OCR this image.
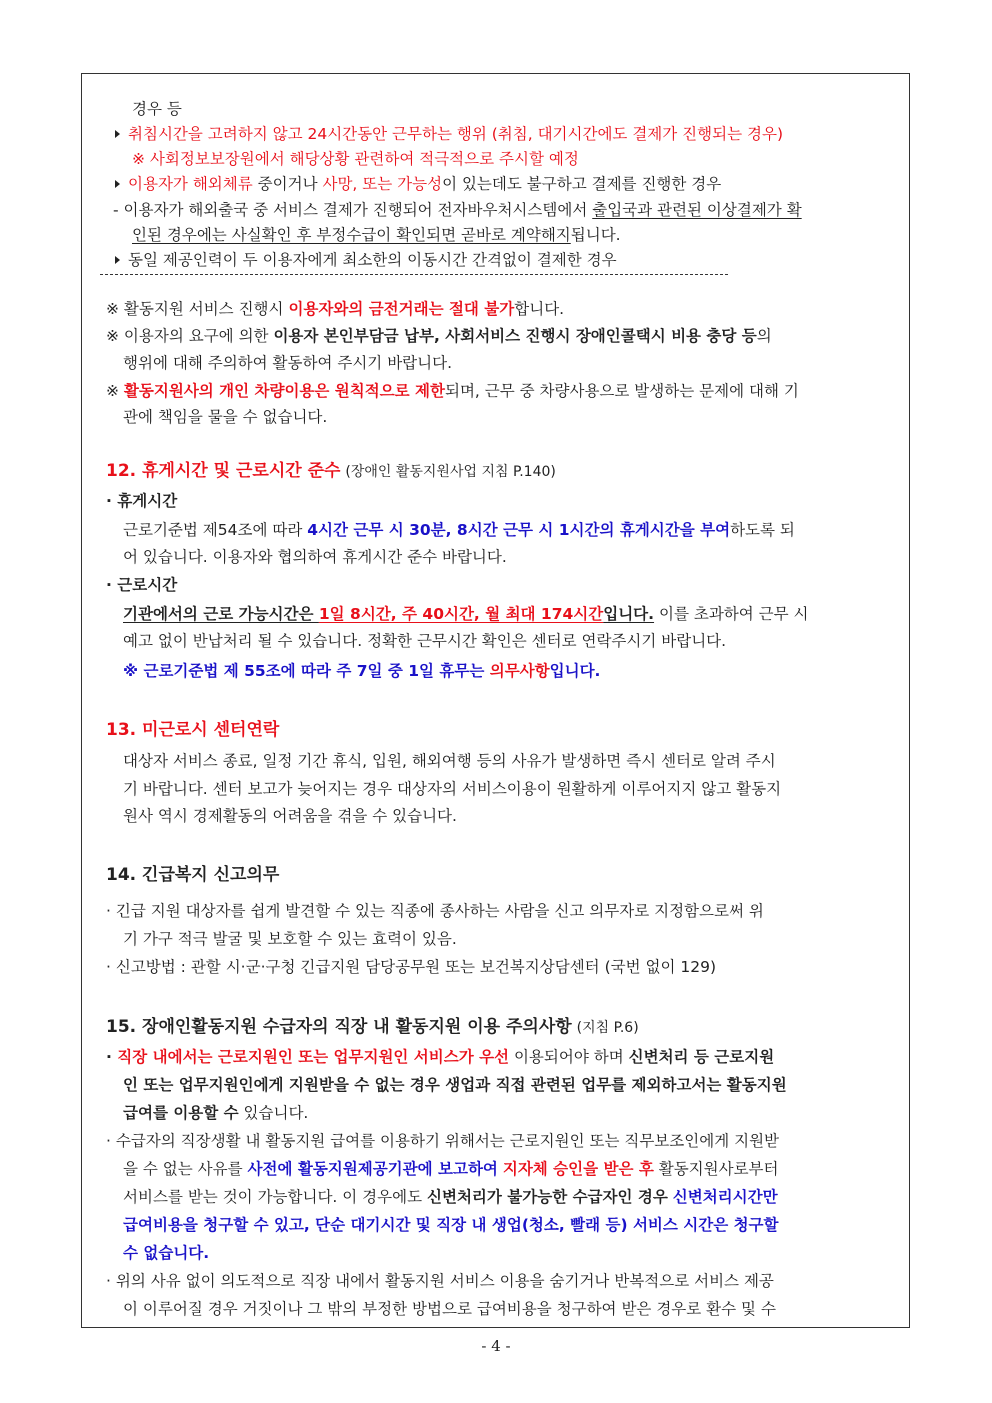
경우 등
취침시간을 고려하지 않고 24시간동안 근무하는 행위 (취침, 대기시간에도 결제가 진행되는 경우)
※ 사회정보보장원에서 해당상황 관련하여 적극적으로 주시할 예정
이용자가 해외체류 중이거나 사망, 또는 가능성이 있는데도 불구하고 결제를 진행한 경우
- 이용자가 해외출국 중 서비스 결제가 진행되어 전자바우처시스템에서 출입국과 관련된 이상결제가 확
인된 경우에는 사실확인 후 부정수급이 확인되면 곧바로 계약해지됩니다.
동일 제공인력이 두 이용자에게 최소한의 이동시간 간격없이 결제한 경우
※ 활동지원 서비스 진행시 이용자와의 금전거래는 절대 불가합니다.
※ 이용자의 요구에 의한 이용자 본인부담금 납부, 사회서비스 진행시 장애인콜택시 비용 충당 등의
행위에 대해 주의하여 활동하여 주시기 바랍니다.
※ 활동지원사의 개인 차량이용은 원칙적으로 제한되며, 근무 중 차량사용으로 발생하는 문제에 대해 기
관에 책임을 물을 수 없습니다.
12. 휴게시간 및 근로시간 준수 (장애인 활동지원사업 지침 P.140)
· 휴게시간
근로기준법 제54조에 따라 4시간 근무 시 30분, 8시간 근무 시 1시간의 휴게시간을 부여하도록 되
어 있습니다. 이용자와 협의하여 휴게시간 준수 바랍니다.
· 근로시간
기관에서의 근로 가능시간은 1일 8시간, 주 40시간, 월 최대 174시간입니다. 이를 초과하여 근무 시
예고 없이 반납처리 될 수 있습니다. 정확한 근무시간 확인은 센터로 연락주시기 바랍니다.
※ 근로기준법 제 55조에 따라 주 7일 중 1일 휴무는 의무사항입니다.
13. 미근로시 센터연락
대상자 서비스 종료, 일정 기간 휴식, 입원, 해외여행 등의 사유가 발생하면 즉시 센터로 알려 주시
기 바랍니다. 센터 보고가 늦어지는 경우 대상자의 서비스이용이 원활하게 이루어지지 않고 활동지
원사 역시 경제활동의 어려움을 겪을 수 있습니다.
14. 긴급복지 신고의무
· 긴급 지원 대상자를 쉽게 발견할 수 있는 직종에 종사하는 사람을 신고 의무자로 지정함으로써 위
기 가구 적극 발굴 및 보호할 수 있는 효력이 있음.
· 신고방법 : 관할 시·군·구청 긴급지원 담당공무원 또는 보건복지상담센터 (국번 없이 129)
15. 장애인활동지원 수급자의 직장 내 활동지원 이용 주의사항 (지침 P.6)
· 직장 내에서는 근로지원인 또는 업무지원인 서비스가 우선 이용되어야 하며 신변처리 등 근로지원
인 또는 업무지원인에게 지원받을 수 없는 경우 생업과 직접 관련된 업무를 제외하고서는 활동지원
급여를 이용할 수 있습니다.
· 수급자의 직장생활 내 활동지원 급여를 이용하기 위해서는 근로지원인 또는 직무보조인에게 지원받
을 수 없는 사유를 사전에 활동지원제공기관에 보고하여 지자체 승인을 받은 후 활동지원사로부터
서비스를 받는 것이 가능합니다. 이 경우에도 신변처리가 불가능한 수급자인 경우 신변처리시간만
급여비용을 청구할 수 있고, 단순 대기시간 및 직장 내 생업(청소, 빨래 등) 서비스 시간은 청구할
수 없습니다.
· 위의 사유 없이 의도적으로 직장 내에서 활동지원 서비스 이용을 숨기거나 반복적으로 서비스 제공
이 이루어질 경우 거짓이나 그 밖의 부정한 방법으로 급여비용을 청구하여 받은 경우로 환수 및 수
- 4 -
